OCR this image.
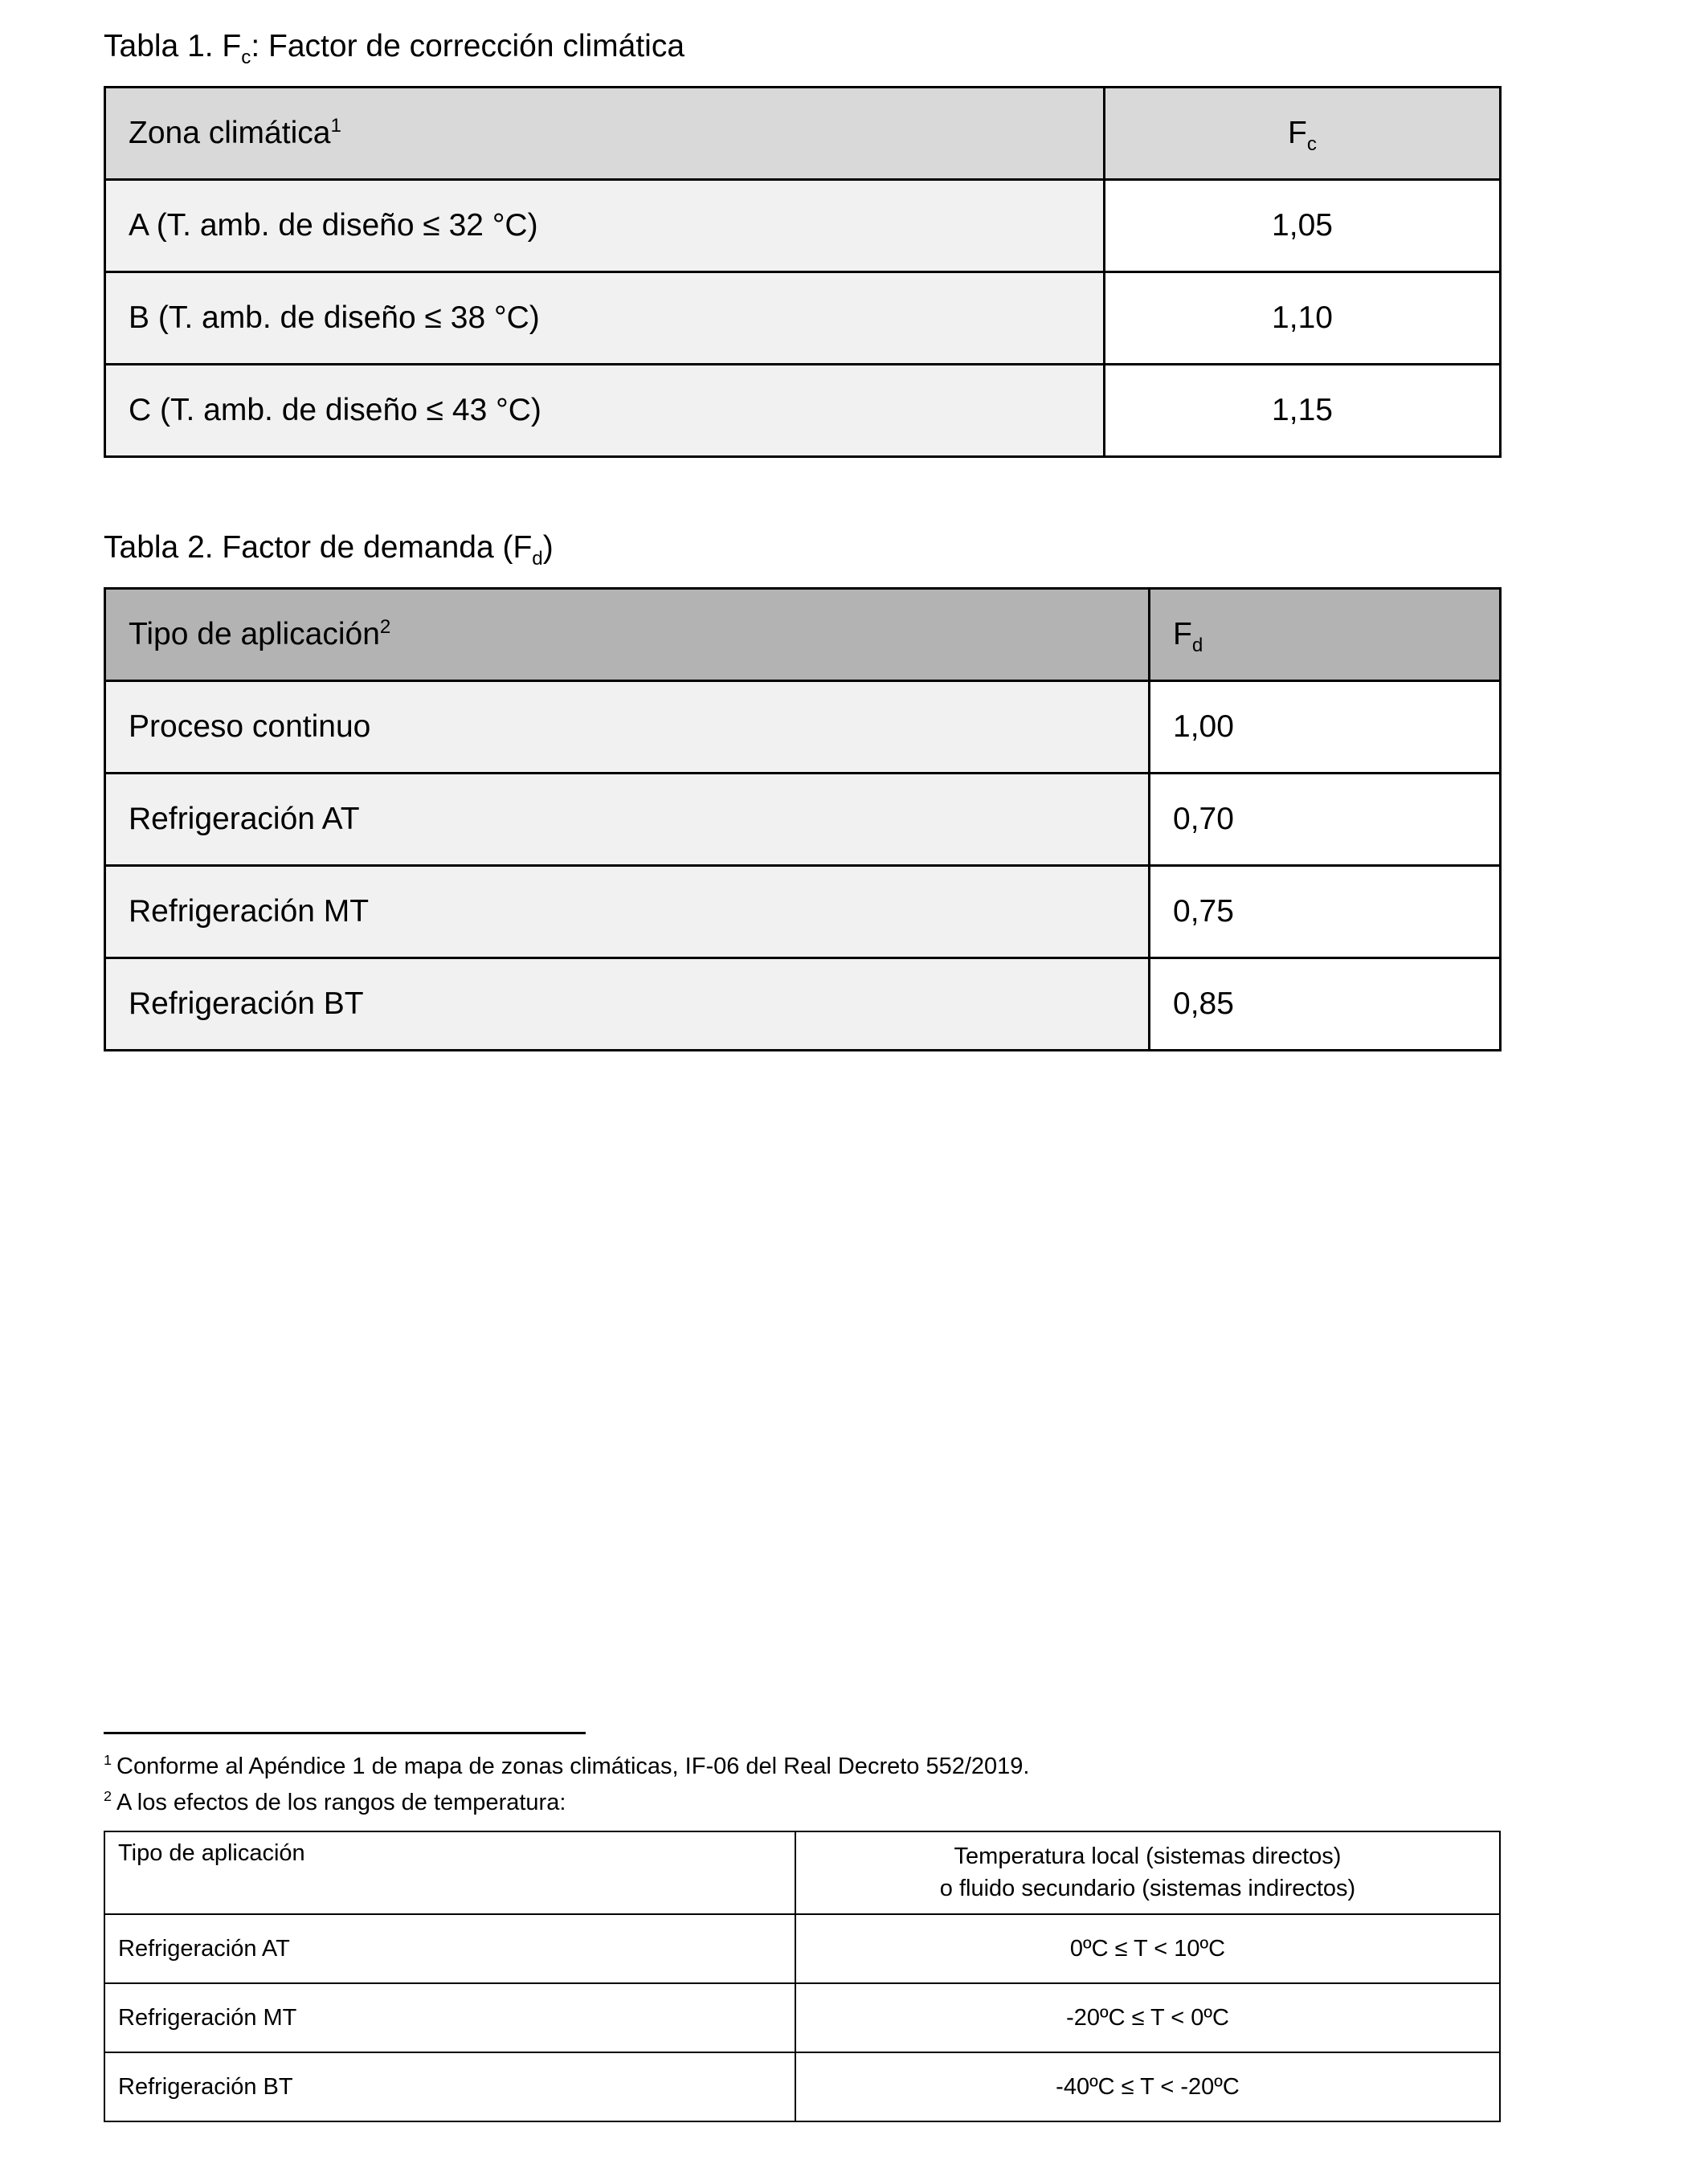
Tabla 1. $F_c$: Factor de corrección climática
Zona climática$^1$	$F_c$
A (T. amb. de diseño ≤ 32 °C)	1,05
B (T. amb. de diseño ≤ 38 °C)	1,10
C (T. amb. de diseño ≤ 43 °C)	1,15
Tabla 2. Factor de demanda $(F_d)$
Tipo de aplicación$^2$	$F_d$
Proceso continuo	1,00
Refrigeración AT	0,70
Refrigeración MT	0,75
Refrigeración BT	0,85
$^1$ Conforme al Apéndice 1 de mapa de zonas climáticas, IF-06 del Real Decreto 552/2019.
$^2$ A los efectos de los rangos de temperatura:
Tipo de aplicación	Temperatura local (sistemas directos)
o fluido secundario (sistemas indirectos)

Refrigeración AT	0ºC ≤ T < 10ºC
Refrigeración MT	-20ºC ≤ T < 0ºC
Refrigeración BT	-40ºC ≤ T < -20ºC
